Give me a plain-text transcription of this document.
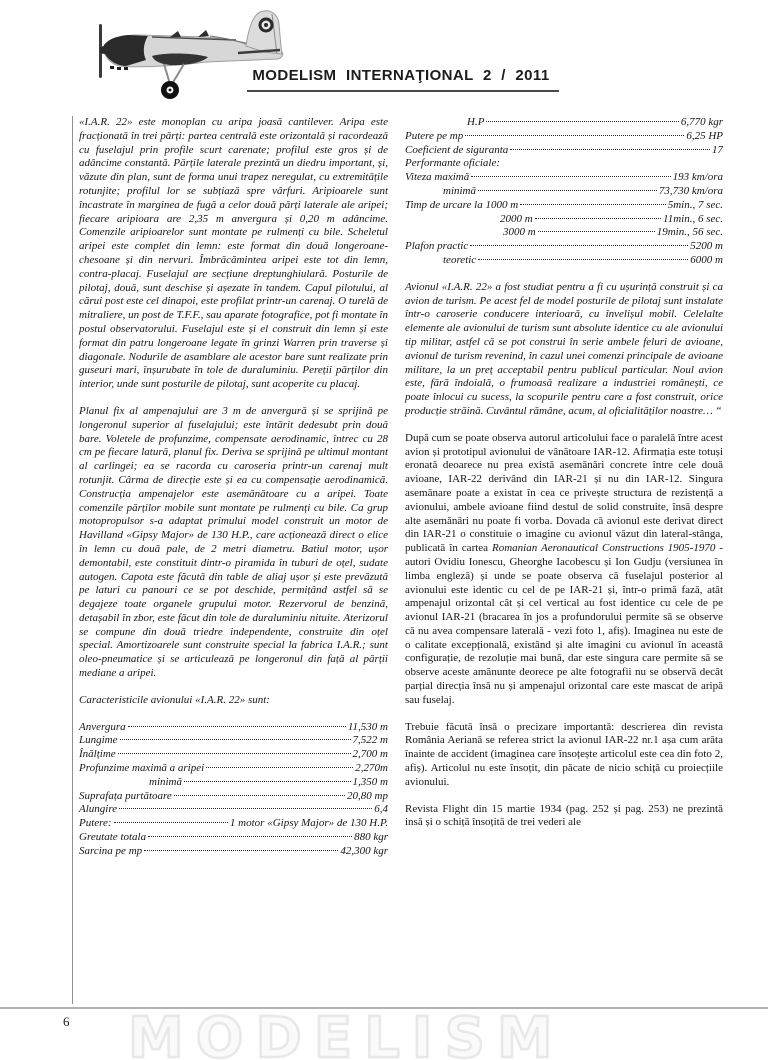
MODELISM INTERNAŢIONAL 2 / 2011

«I.A.R. 22» este monoplan cu aripa joasă cantilever. Aripa este fracționată în trei părți: partea centrală este orizontală și racordează cu fuselajul prin profile scurt carenate; profilul este gros și de adâncime constantă. Părțile laterale prezintă un diedru important, și, văzute din plan, sunt de forma unui trapez neregulat, cu extremitățile rotunjite; profilul lor se subțiază spre vârfuri. Aripioarele sunt încastrate în marginea de fugă a celor două părți laterale ale aripei; fiecare aripioara are 2,35 m anvergura și 0,20 m adâncime. Comenzile aripioarelor sunt montate pe rulmenți cu bile. Scheletul aripei este complet din lemn: este format din două longeroane-chesoane și din nervuri. Îmbrăcămintea aripei este tot din lemn, contra-placaj. Fuselajul are secțiune dreptunghiulară. Posturile de pilotaj, două, sunt deschise și așezate în tandem. Capul pilotului, al cărui post este cel dinapoi, este profilat printr-un carenaj. O turelă de mitraliere, un post de T.F.F., sau aparate fotografice, pot fi montate în postul observatorului. Fuselajul este și el construit din lemn și este format din patru longeroane legate în grinzi Warren prin traverse și diagonale. Nodurile de asamblare ale acestor bare sunt realizate prin guseuri mari, înșurubate în tole de duraluminiu. Pereții părților din interior, unde sunt posturile de pilotaj, sunt acoperite cu placaj.

Planul fix al ampenajului are 3 m de anvergură și se sprijină pe longeronul superior al fuselajului; este întărit dedesubt prin două bare. Voletele de profunzime, compensate aerodinamic, întrec cu 28 cm pe fiecare latură, planul fix. Deriva se sprijină pe ultimul montant al carlingei; ea se racorda cu caroseria printr-un carenaj mult rotunjit. Cârma de direcție este și ea cu compensație aerodinamică. Construcția ampenajelor este asemănătoare cu a aripei. Toate comenzile părților mobile sunt montate pe rulmenți cu bile. Ca grup motopropulsor s-a adaptat primului model construit un motor de Havilland «Gipsy Major» de 130 H.P., care acționează direct o elice în lemn cu două pale, de 2 metri diametru. Batiul motor, ușor demontabil, este constituit dintr-o piramida în tuburi de oțel, sudate autogen. Capota este făcută din table de aliaj ușor și este prevăzută pe laturi cu panouri ce se pot deschide, permițând astfel să se degajeze toate organele grupului motor. Rezervorul de benzină, detașabil în zbor, este făcut din tole de duraluminiu nituite. Aterizorul se compune din două triedre independente, construite din oțel special. Amortizoarele sunt construite special la fabrica I.A.R.; sunt oleo-pneumatice și se articulează pe longeronul din față al părții mediane a aripei.

Caracteristicile avionului «I.A.R. 22» sunt:

Anvergura	11,530 m
Lungime	7,522 m
Înălțime	2,700 m
Profunzime maximă a aripei	2,270m
minimă	1,350 m
Suprafața purtătoare	20,80 mp
Alungire	6,4
Putere:	1 motor «Gipsy Major» de 130 H.P.
Greutate totala	880 kgr
Sarcina pe mp	42,300 kgr
H.P	6,770 kgr
Putere pe mp	6,25 HP
Coeficient de siguranta	17
Performante oficiale:
Viteza maximă	193 km/ora
minimă	73,730 km/ora
Timp de urcare la 1000 m	5min., 7 sec.
2000 m	11min., 6 sec.
3000 m	19min., 56 sec.
Plafon practic	5200 m
teoretic	6000 m

Avionul «I.A.R. 22» a fost studiat pentru a fi cu ușurință construit și ca avion de turism. Pe acest fel de model posturile de pilotaj sunt instalate într-o caroserie conducere interioară, cu învelișul mobil. Celelalte elemente ale avionului de turism sunt absolute identice cu ale avionului tip militar, astfel că se pot construi în serie ambele feluri de avioane, avionul de turism revenind, în cazul unei comenzi principale de avioane militare, la un preț acceptabil pentru publicul particular. Noul avion este, fără îndoială, o frumoasă realizare a industriei românești, ce poate înlocui cu sucess, la scopurile pentru care a fost construit, orice producție străină. Cuvântul rămâne, acum, al oficialităților noastre… “

După cum se poate observa autorul articolului face o paralelă între acest avion și prototipul avionului de vânătoare IAR-12. Afirmația este totuși eronată deoarece nu prea există asemănări concrete între cele două avioane, IAR-22 derivând din IAR-21 și nu din IAR-12. Singura asemănare poate a existat în cea ce privește structura de rezistență a avionului, ambele avioane fiind destul de solid construite, însă despre alte asemănări nu poate fi vorba. Dovada că avionul este derivat direct din IAR-21 o constituie o imagine cu avionul văzut din lateral-stânga, publicată în cartea Romanian Aeronautical Constructions 1905-1970 - autori Ovidiu Ionescu, Gheorghe Iacobescu și Ion Gudju (versiunea în limba engleză) și unde se poate observa că fuselajul posterior al avionului este identic cu cel de pe IAR-21 și, într-o primă fază, atât ampenajul orizontal cât și cel vertical au fost identice cu cele de pe avionul IAR-21 (bracarea în jos a profundorului permite să se observe că nu avea compensare laterală - vezi foto 1, afiș). Imaginea nu este de o calitate excepțională, existând și alte imagini cu avionul în această configurație, de rezoluție mai bună, dar este singura care permite să se observe aceste amănunte deorece pe alte fotografii nu se observă decât parțial direcția însă nu și ampenajul orizontal care este mascat de aripă sau fuselaj.

Trebuie făcută însă o precizare importantă: descrierea din revista România Aeriană se referea strict la avionul IAR-22 nr.1 așa cum arăta înainte de accident (imaginea care însoțește articolul este cea din foto 2, afiș). Articolul nu este însoțit, din păcate de nicio schiță cu proiecțiile avionului.

Revista Flight din 15 martie 1934 (pag. 252 și pag. 253) ne prezintă insă și o schiță însoțită de trei vederi ale

6 MODELISM
